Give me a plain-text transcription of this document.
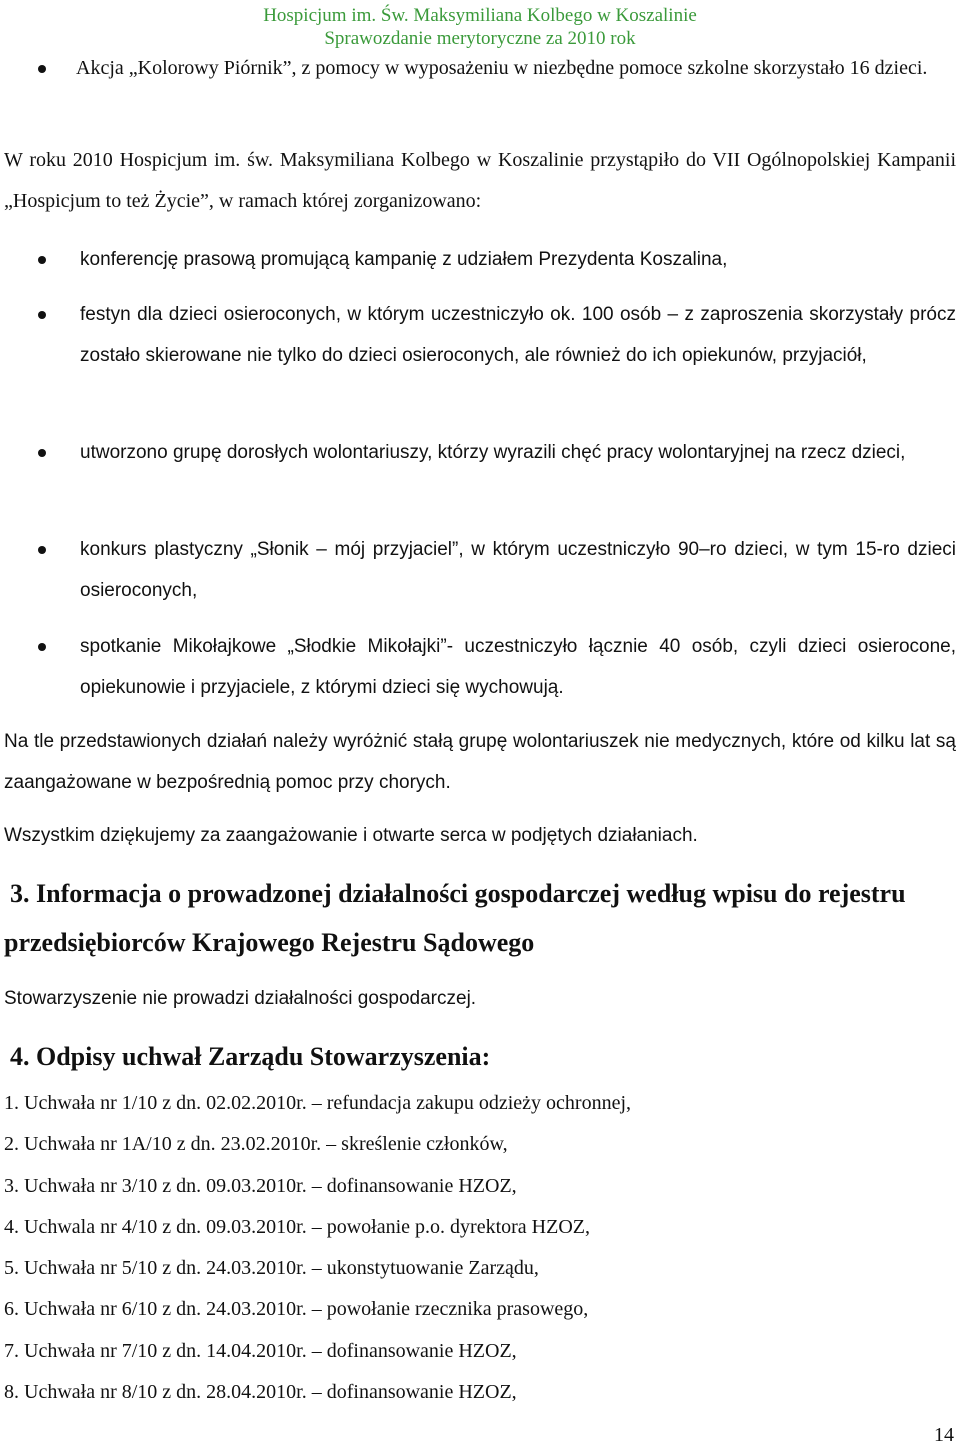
Hospicjum im. Św. Maksymiliana Kolbego w Koszalinie
Sprawozdanie merytoryczne za 2010 rok
Akcja „Kolorowy Piórnik”, z pomocy w wyposażeniu w niezbędne pomoce szkolne skorzystało 16 dzieci.
W roku 2010 Hospicjum im. św. Maksymiliana Kolbego w Koszalinie przystąpiło do VII Ogólnopolskiej Kampanii „Hospicjum to też Życie”, w ramach której zorganizowano:
konferencję prasową promującą kampanię z udziałem Prezydenta Koszalina,
festyn dla dzieci osieroconych, w którym uczestniczyło ok. 100 osób – z zaproszenia skorzystały prócz zostało skierowane nie tylko do dzieci osieroconych, ale również do ich opiekunów, przyjaciół,
utworzono grupę dorosłych wolontariuszy, którzy wyrazili chęć pracy wolontaryjnej na rzecz dzieci,
konkurs plastyczny „Słonik – mój przyjaciel”, w którym uczestniczyło 90–ro dzieci, w tym 15-ro dzieci osieroconych,
spotkanie Mikołajkowe „Słodkie Mikołajki”- uczestniczyło łącznie 40 osób, czyli dzieci osierocone, opiekunowie i przyjaciele, z którymi dzieci się wychowują.
Na tle przedstawionych działań należy wyróżnić stałą grupę wolontariuszek nie medycznych, które od kilku lat są zaangażowane w bezpośrednią pomoc przy chorych.
Wszystkim dziękujemy za zaangażowanie i otwarte serca w podjętych działaniach.
3. Informacja o prowadzonej działalności gospodarczej według wpisu do rejestru przedsiębiorców Krajowego Rejestru Sądowego
Stowarzyszenie nie prowadzi działalności gospodarczej.
4. Odpisy uchwał Zarządu Stowarzyszenia:
1. Uchwała nr 1/10 z dn. 02.02.2010r. – refundacja zakupu odzieży ochronnej,
2. Uchwała nr 1A/10 z dn. 23.02.2010r. – skreślenie członków,
3. Uchwała nr 3/10 z dn. 09.03.2010r. – dofinansowanie HZOZ,
4. Uchwala nr 4/10 z dn. 09.03.2010r. – powołanie p.o. dyrektora HZOZ,
5. Uchwała nr 5/10 z dn. 24.03.2010r. – ukonstytuowanie Zarządu,
6. Uchwała nr 6/10 z dn. 24.03.2010r. – powołanie rzecznika prasowego,
7. Uchwała nr 7/10 z dn. 14.04.2010r. – dofinansowanie HZOZ,
8. Uchwała nr 8/10 z dn. 28.04.2010r. – dofinansowanie HZOZ,
14
